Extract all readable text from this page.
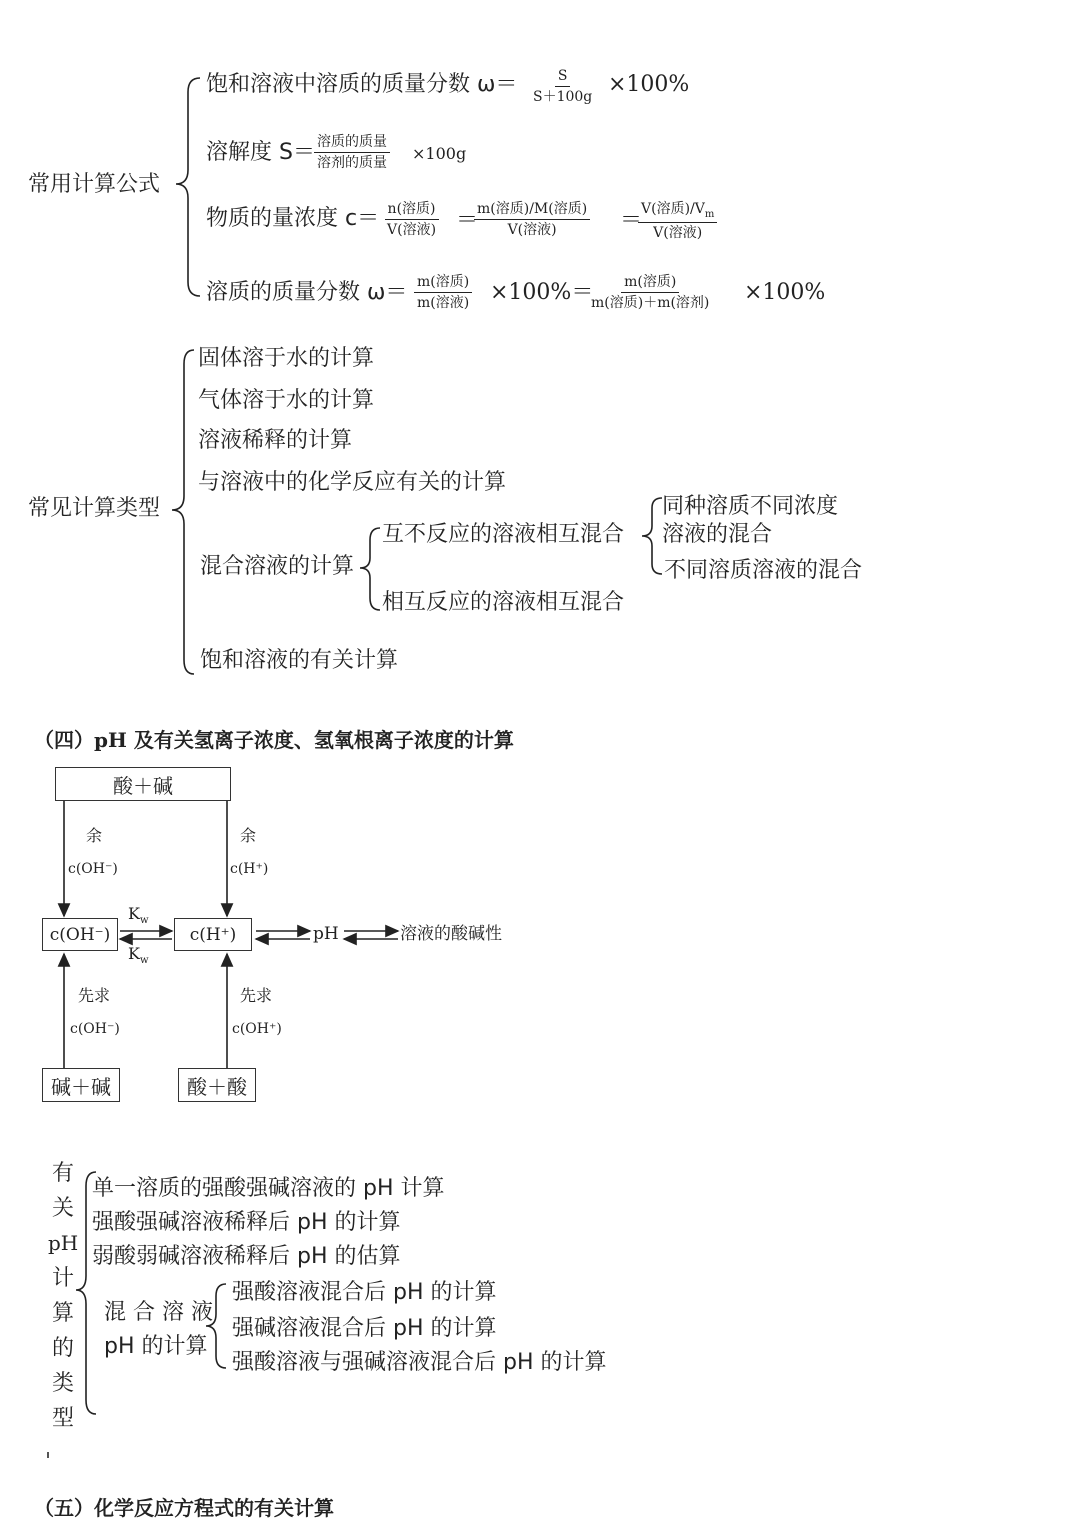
常用计算公式
饱和溶液中溶质的质量分数 $\omega= \frac{S}{S+100g} \times 100\%$
溶解度 S＝ 溶质的质量
溶剂的质量
×100g
物质的量浓度 c＝ n(溶质)
V(溶液) ＝
m(溶质)/M(溶质)
V(溶液)	＝
V(溶质)$/V_m$
V(溶液)
溶质的质量分数 ω＝ m(溶质)
m(溶液) ×100%＝ m(溶质)
m(溶质)＋m(溶剂) ×100%
常见计算类型
固体溶于水的计算
气体溶于水的计算
溶液稀释的计算
与溶液中的化学反应有关的计算
混合溶液的计算
互不反应的溶液相互混合
同种溶质不同浓度
溶液的混合
不同溶质溶液的混合
相互反应的溶液相互混合
饱和溶液的有关计算
（四）pH 及有关氢离子浓度、氢氧根离子浓度的计算
酸＋碱
余
c(OH⁻)
余
c(H⁺)
c(OH⁻)	c(H⁺)
$K_w$
$K_w$
pH	溶液的酸碱性
先求
c(OH⁻)
先求
c(OH⁺)
碱＋碱	酸＋酸
有
关
pH
计
算
的
类
型
单一溶质的强酸强碱溶液的 pH 计算
强酸强碱溶液稀释后 pH 的计算
弱酸弱碱溶液稀释后 pH 的估算
混 合 溶 液
pH 的计算
强酸溶液混合后 pH 的计算
强碱溶液混合后 pH 的计算
强酸溶液与强碱溶液混合后 pH 的计算
（五）化学反应方程式的有关计算
